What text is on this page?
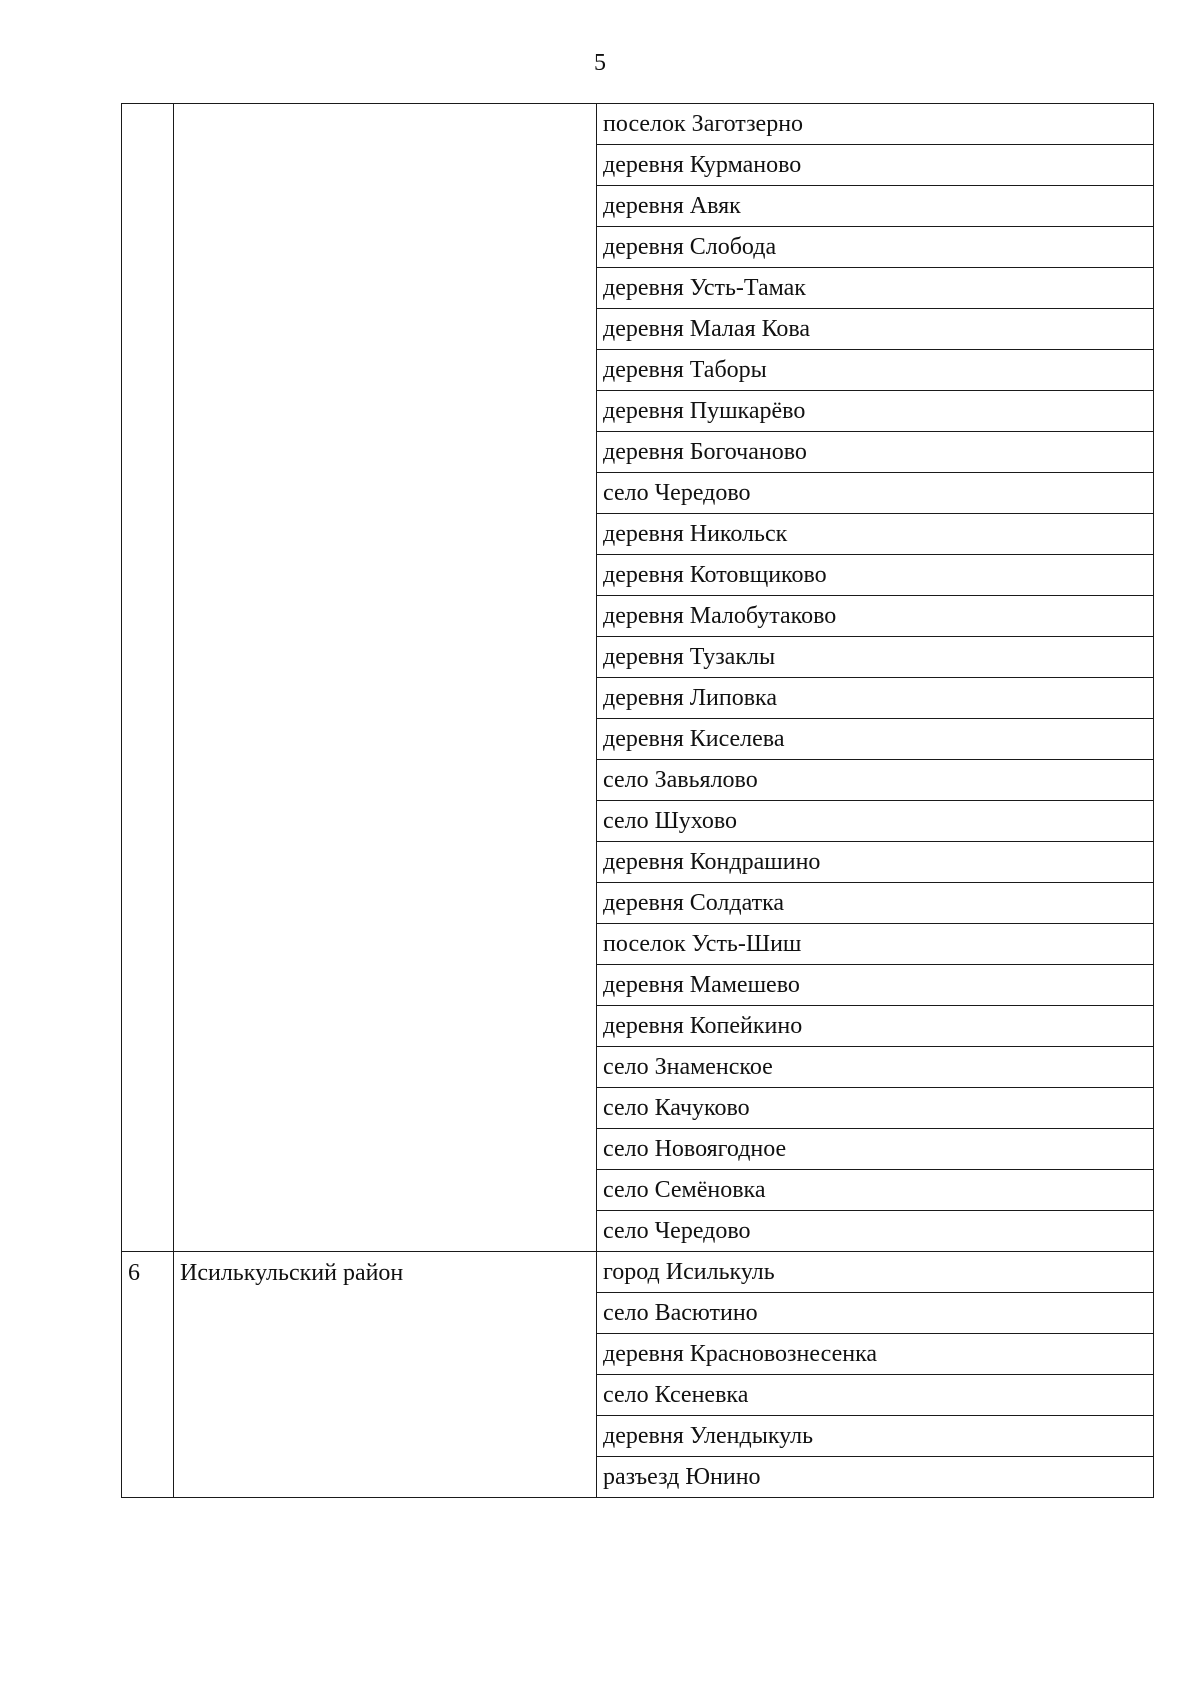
5
		поселок Заготзерно
		деревня Курманово
		деревня Авяк
		деревня Слобода
		деревня Усть-Тамак
		деревня Малая Кова
		деревня Таборы
		деревня Пушкарёво
		деревня Богочаново
		село Чередово
		деревня Никольск
		деревня Котовщиково
		деревня Малобутаково
		деревня Тузаклы
		деревня Липовка
		деревня Киселева
		село Завьялово
		село Шухово
		деревня Кондрашино
		деревня Солдатка
		поселок Усть-Шиш
		деревня Мамешево
		деревня Копейкино
		село Знаменское
		село Качуково
		село Новоягодное
		село Семёновка
		село Чередово
6	Исилькульский район	город Исилькуль
		село Васютино
		деревня Красновознесенка
		село Ксеневка
		деревня Улендыкуль
		разъезд Юнино
